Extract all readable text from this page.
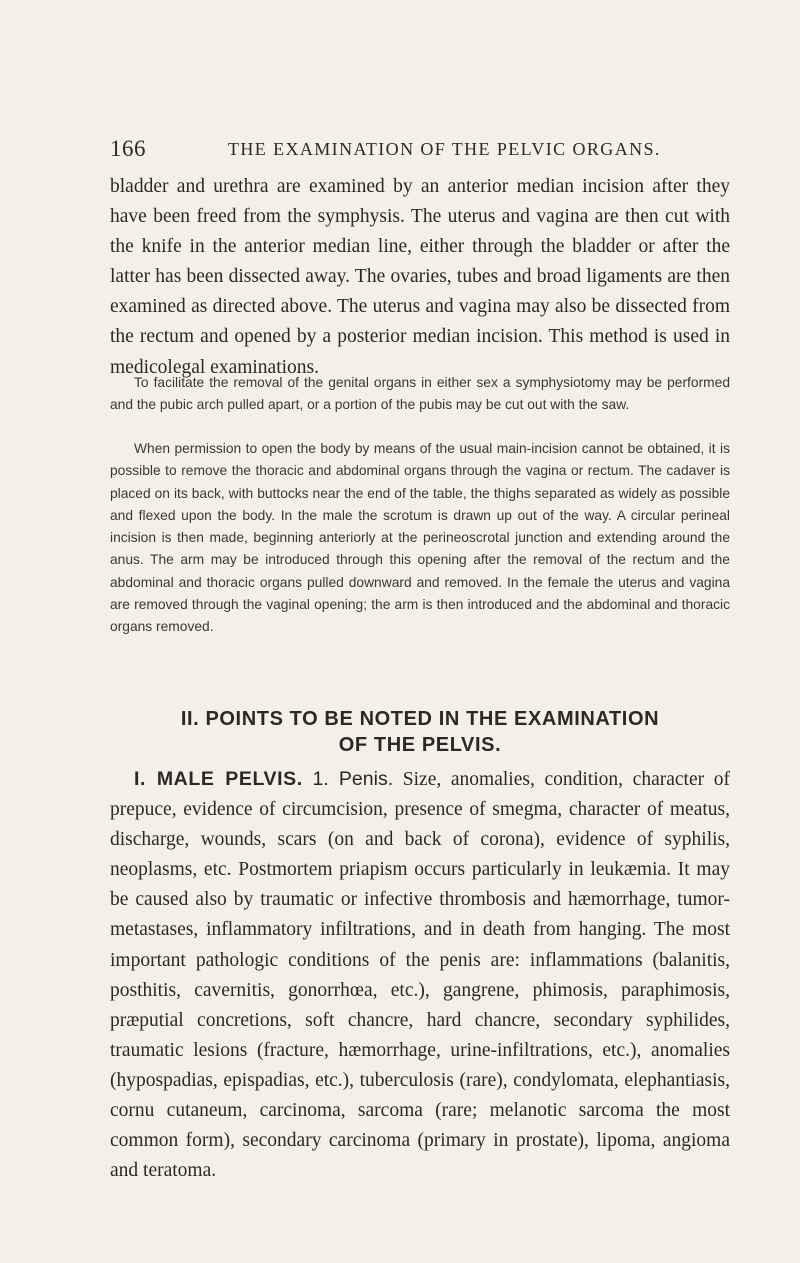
166	THE EXAMINATION OF THE PELVIC ORGANS.

bladder and urethra are examined by an anterior median incision after they have been freed from the symphysis. The uterus and vagina are then cut with the knife in the anterior median line, either through the bladder or after the latter has been dissected away. The ovaries, tubes and broad ligaments are then examined as directed above. The uterus and vagina may also be dissected from the rectum and opened by a posterior median incision. This method is used in medicolegal examinations.

To facilitate the removal of the genital organs in either sex a symphysiotomy may be performed and the pubic arch pulled apart, or a portion of the pubis may be cut out with the saw.

When permission to open the body by means of the usual main-incision cannot be obtained, it is possible to remove the thoracic and abdominal organs through the vagina or rectum. The cadaver is placed on its back, with buttocks near the end of the table, the thighs separated as widely as possible and flexed upon the body. In the male the scrotum is drawn up out of the way. A circular perineal incision is then made, beginning anteriorly at the perineoscrotal junction and extending around the anus. The arm may be introduced through this opening after the removal of the rectum and the abdominal and thoracic organs pulled downward and removed. In the female the uterus and vagina are removed through the vaginal opening; the arm is then introduced and the abdominal and thoracic organs removed.

II. POINTS TO BE NOTED IN THE EXAMINATION
OF THE PELVIS.

I. MALE PELVIS. 1. Penis. Size, anomalies, condition, character of prepuce, evidence of circumcision, presence of smegma, character of meatus, discharge, wounds, scars (on and back of corona), evidence of syphilis, neoplasms, etc. Postmortem priapism occurs particularly in leukæmia. It may be caused also by traumatic or infective thrombosis and hæmorrhage, tumor-metastases, inflammatory infiltrations, and in death from hanging. The most important pathologic conditions of the penis are: inflammations (balanitis, posthitis, cavernitis, gonorrhœa, etc.), gangrene, phimosis, paraphimosis, præputial concretions, soft chancre, hard chancre, secondary syphilides, traumatic lesions (fracture, hæmorrhage, urine-infiltrations, etc.), anomalies (hypospadias, epispadias, etc.), tuberculosis (rare), condylomata, elephantiasis, cornu cutaneum, carcinoma, sarcoma (rare; melanotic sarcoma the most common form), secondary carcinoma (primary in prostate), lipoma, angioma and teratoma.
